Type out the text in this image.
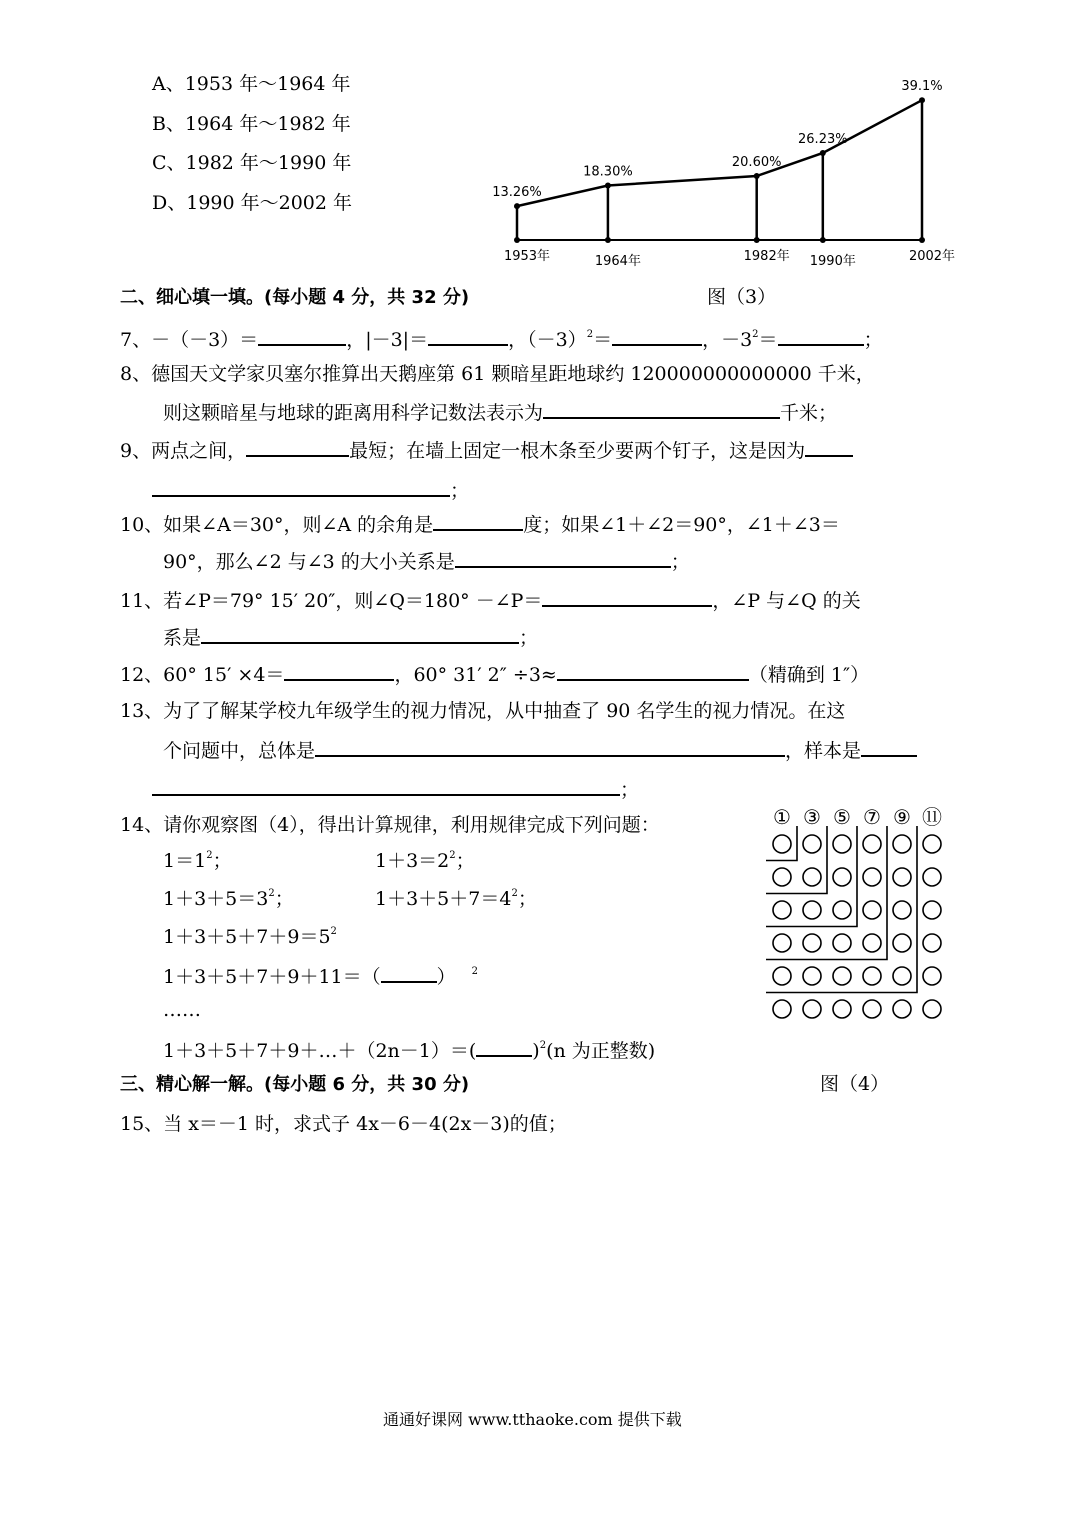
A、1953 年～1964 年
B、1964 年～1982 年
C、1982 年～1990 年
D、1990 年～2002 年	13.26%
1953年
18.30%
1964年
20.60%
1982年
26.23%
1990年
39.1%
2002年
图（3）
二、细心填一填。(每小题 4 分，共 32 分)
7、－（－3）＝	，|－3|＝	，$(-3)^2=$	，$-3^2=$	；
8、德国天文学家贝塞尔推算出天鹅座第 61 颗暗星距地球约 120000000000000 千米，
则这颗暗星与地球的距离用科学记数法表示为	千米；
9、两点之间，	最短；在墙上固定一根木条至少要两个钉子，这是因为
；
10、如果∠A＝30°，则∠A 的余角是	度；如果∠1＋∠2＝90°，∠1＋∠3＝
90°，那么∠2 与∠3 的大小关系是	；
11、若∠P＝79° 15′ 20″，则∠Q＝180° －∠P＝	，∠P 与∠Q 的关
系是	；
12、60° 15′ ×4＝	，60° 31′ 2″ ÷3≈	（精确到 1″）
13、为了了解某学校九年级学生的视力情况，从中抽查了 90 名学生的视力情况。在这
个问题中，总体是	，样本是
；
14、请你观察图（4），得出计算规律，利用规律完成下列问题：
$1=1^2$；	$1+3=2^2$；
$1+3+5=3^2$；	$1+3+5+7=4^2$；
$1+3+5+7+9=5^2$
1＋3＋5＋7＋9＋11＝（	） $^2$
……
1＋3＋5＋7＋9＋…＋（2n－1）＝(	)$^2$(n 为正整数)
① ③ ⑤ ⑦ ⑨ ⑪
图（4）
三、精心解一解。(每小题 6 分，共 30 分)
15、当 x＝－1 时，求式子 4x－6－4(2x－3)的值；
通通好课网 www.tthaoke.com 提供下载
